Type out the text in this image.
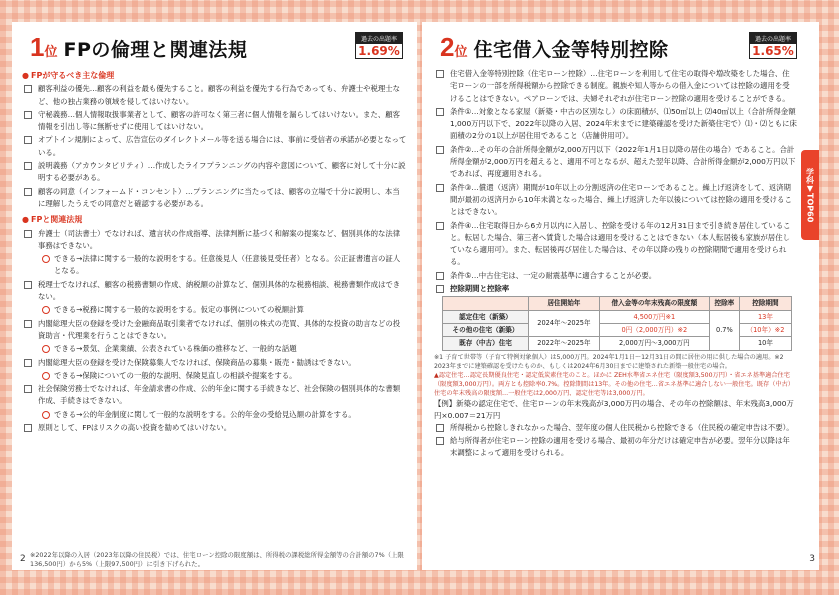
1 位 FPの倫理と関連法規	過去の出題率
1.69%
● FPが守るべき主な倫理
顧客利益の優先…顧客の利益を最も優先すること。顧客の利益を優先する行為であっても、弁護士や税理士など、他の独占業務の領域を侵してはいけない。
守秘義務…個人情報取扱事業者として、顧客の許可なく第三者に個人情報を漏らしてはいけない。また、顧客情報を引出し等に無断せずに使用してはいけない。
オプトイン規制によって、広告宣伝のダイレクトメール等を送る場合には、事前に受信者の承諾が必要となっている。
説明義務（アカウンタビリティ）…作成したライフプランニングの内容や意図について、顧客に対して十分に説明する必要がある。
顧客の同意（インフォームド・コンセント）…プランニングに当たっては、顧客の立場で十分に説明し、本当に理解したうえでの同意だと確認する必要がある。
● FPと関連法規
弁護士（司法書士）でなければ、遺言状の作成指導、法律判断に基づく和解案の提案など、個別具体的な法律事務はできない。
できる→法律に関する一般的な説明をする。任意後見人（任意後見受任者）となる。公正証書遺言の証人となる。
税理士でなければ、顧客の税務書類の作成、納税額の計算など、個別具体的な税務相談、税務書類作成はできない。
できる→税務に関する一般的な説明をする。仮定の事例についての税額計算
内閣総理大臣の登録を受けた金融商品取引業者でなければ、個別の株式の売買、具体的な投資の助言などの投資助言・代理業を行うことはできない。
できる→景気、企業業績、公表されている株価の推移など、一般的な話題
内閣総理大臣の登録を受けた保険募集人でなければ、保険商品の募集・販売・勧誘はできない。
できる→保険についての一般的な説明、保険見直しの相談や提案をする。
社会保険労務士でなければ、年金請求書の作成、公的年金に関する手続きなど、社会保険の個別具体的な書類作成、手続きはできない。
できる→公的年金制度に関して一般的な説明をする。公的年金の受給見込額の計算をする。
原則として、FPはリスクの高い投資を勧めてはいけない。
2
2 位 住宅借入金等特別控除	過去の出題率
1.65%
学科▼TOP60
住宅借入金等特別控除（住宅ローン控除）…住宅ローンを利用して住宅の取得や増改築をした場合、住宅ローンの一部を所得税額から控除できる制度。親族や知人等からの借入金については控除の適用を受けることはできない。ペアローンでは、夫婦それぞれが住宅ローン控除の適用を受けることができる。
条件①…対象となる家屋（新築・中古の区別なし）の床面積が、⑴50㎡以上 ⑵40㎡以上（合計所得金額1,000万円以下で、2022年以降の入居、2024年末までに建築確認を受けた新築住宅で）⑴・⑵ともに床面積の2分の1以上が居住用であること（店舗併用可）。
条件②…その年の合計所得金額が2,000万円以下（2022年1月1日以降の居住の場合）であること。合計所得金額が2,000万円を超えると、適用不可となるが、超えた翌年以降、合計所得金額が2,000万円以下であれば、再度適用される。
条件③…償還（返済）期間が10年以上の分割返済の住宅ローンであること。繰上げ返済をして、返済期間が最初の返済月から10年未満となった場合、繰上げ返済した年以後については控除の適用を受けることはできない。
条件④…住宅取得日から6カ月以内に入居し、控除を受ける年の12月31日まで引き続き居住していること。転居した場合、第三者へ賃貸した場合は適用を受けることはできない（本人転居後も家族が居住していなら適用可）。また、転居後再び居住した場合は、その年以降の残りの控除期間で適用を受けられる。
条件⑤…中古住宅は、一定の耐震基準に適合することが必要。
控除期間と控除率
	居住開始年	借入金等の年末残高の限度額	控除率	控除期間
認定住宅（新築）	2024年～2025年	4,500万円※1	0.7%	13年
その他の住宅（新築）		0円（2,000万円）※2		（10年）※2
既存（中古）住宅	2022年～2025年	2,000万円～3,000万円		10年
※1 子育て世帯等（子育て特例対象個人）は5,000万円。2024年1月1日～12月31日の間に居住の用に供した場合の適用。※2 2023年までに建築確認を受けたものか、もしくは2024年6月30日までに建築された新築一般住宅の場合。
▲認定住宅…認定長期優良住宅・認定低炭素住宅のこと。ほかに ZEH水準省エネ住宅（限度額3,500万円）・省エネ基準適合住宅（限度額3,000万円）。両方とも控除率0.7%。控除期間は13年。その他の住宅…省エネ基準に適合しない一般住宅。既存（中古）住宅の年末残高の限度額…一般住宅は2,000万円、認定住宅等は3,000万円。
【例】新築の認定住宅で、住宅ローンの年末残高が3,000万円の場合、その年の控除額は、年末残高3,000万円×0.007＝21万円
所得税から控除しきれなかった場合、翌年度の個人住民税から控除できる（住民税の確定申告は不要）。
給与所得者が住宅ローン控除の適用を受ける場合、最初の年分だけは確定申告が必要。翌年分以降は年末調整によって適用を受けられる。
3
※2022年以降の入居（2023年以降の住民税）では、住宅ローン控除の限度額は、所得税の課税総所得金額等の合計額の7%（上限136,500円）から5%（上限97,500円）に引き下げられた。
